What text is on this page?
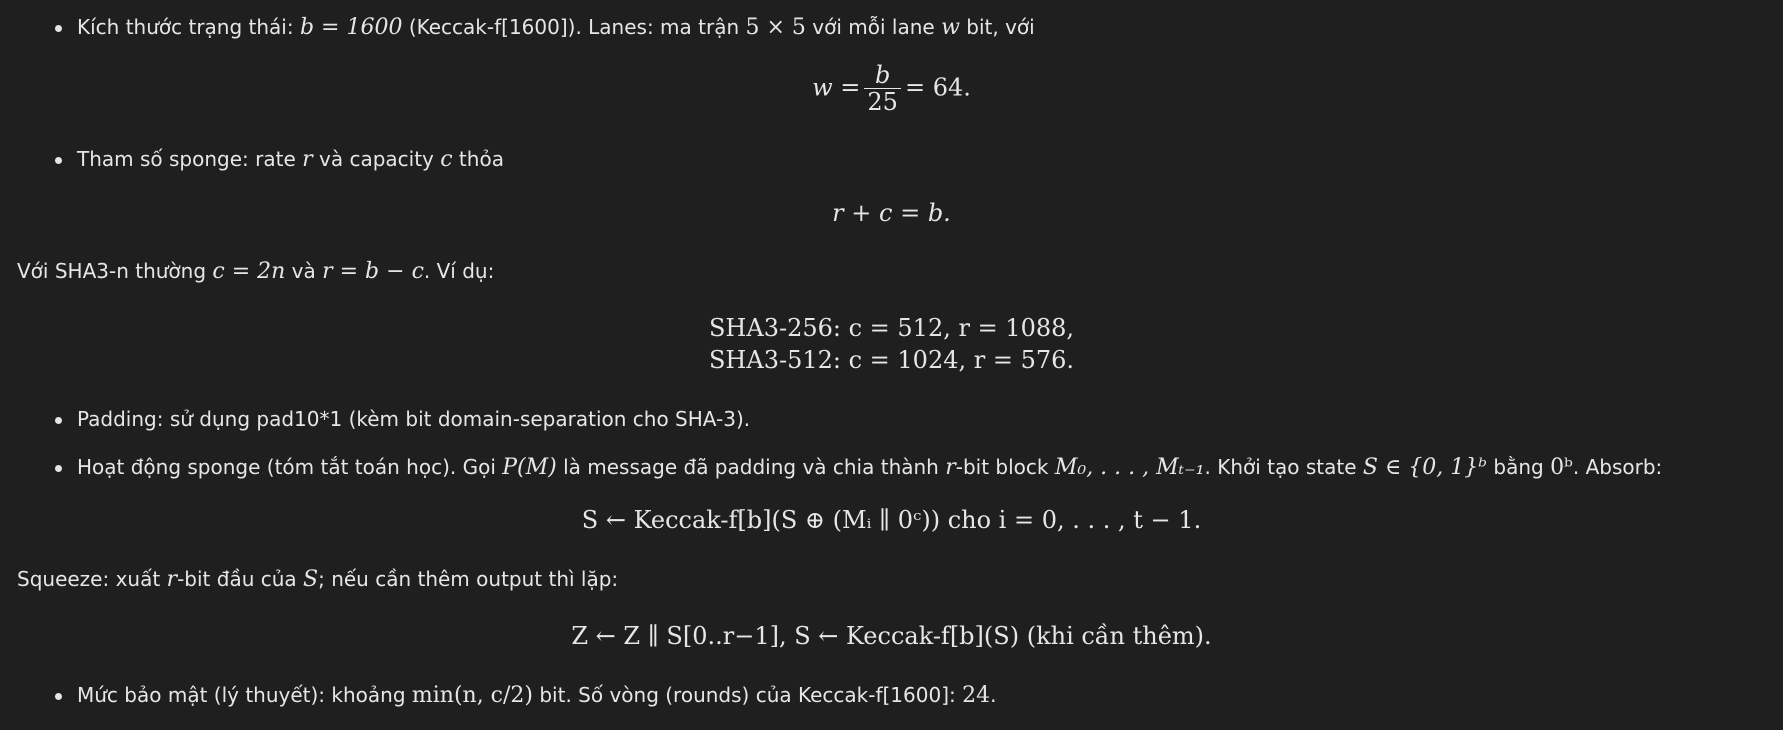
Kích thước trạng thái: b = 1600 (Keccak-f[1600]). Lanes: ma trận 5 × 5 với mỗi lane w bit, với
$w = \frac{b}{25} = 64$.
Tham số sponge: rate r và capacity c thỏa
r + c = b.
Với SHA3-n thường c = 2n và r = b − c. Ví dụ:
SHA3-256: c = 512, r = 1088,
SHA3-512: c = 1024, r = 576.
Padding: sử dụng pad10*1 (kèm bit domain-separation cho SHA-3).
Hoạt động sponge (tóm tắt toán học). Gọi P(M) là message đã padding và chia thành r-bit block M₀, . . . , Mₜ₋₁. Khởi tạo state S ∈ {0, 1}ᵇ bằng 0ᵇ. Absorb:
S ← Keccak-f[b](S ⊕ (Mᵢ ∥ 0ᶜ)) cho i = 0, . . . , t − 1.
Squeeze: xuất r-bit đầu của S; nếu cần thêm output thì lặp:
Z ← Z ∥ S[0..r−1], S ← Keccak-f[b](S) (khi cần thêm).
Mức bảo mật (lý thuyết): khoảng min(n, c/2) bit. Số vòng (rounds) của Keccak-f[1600]: 24.
